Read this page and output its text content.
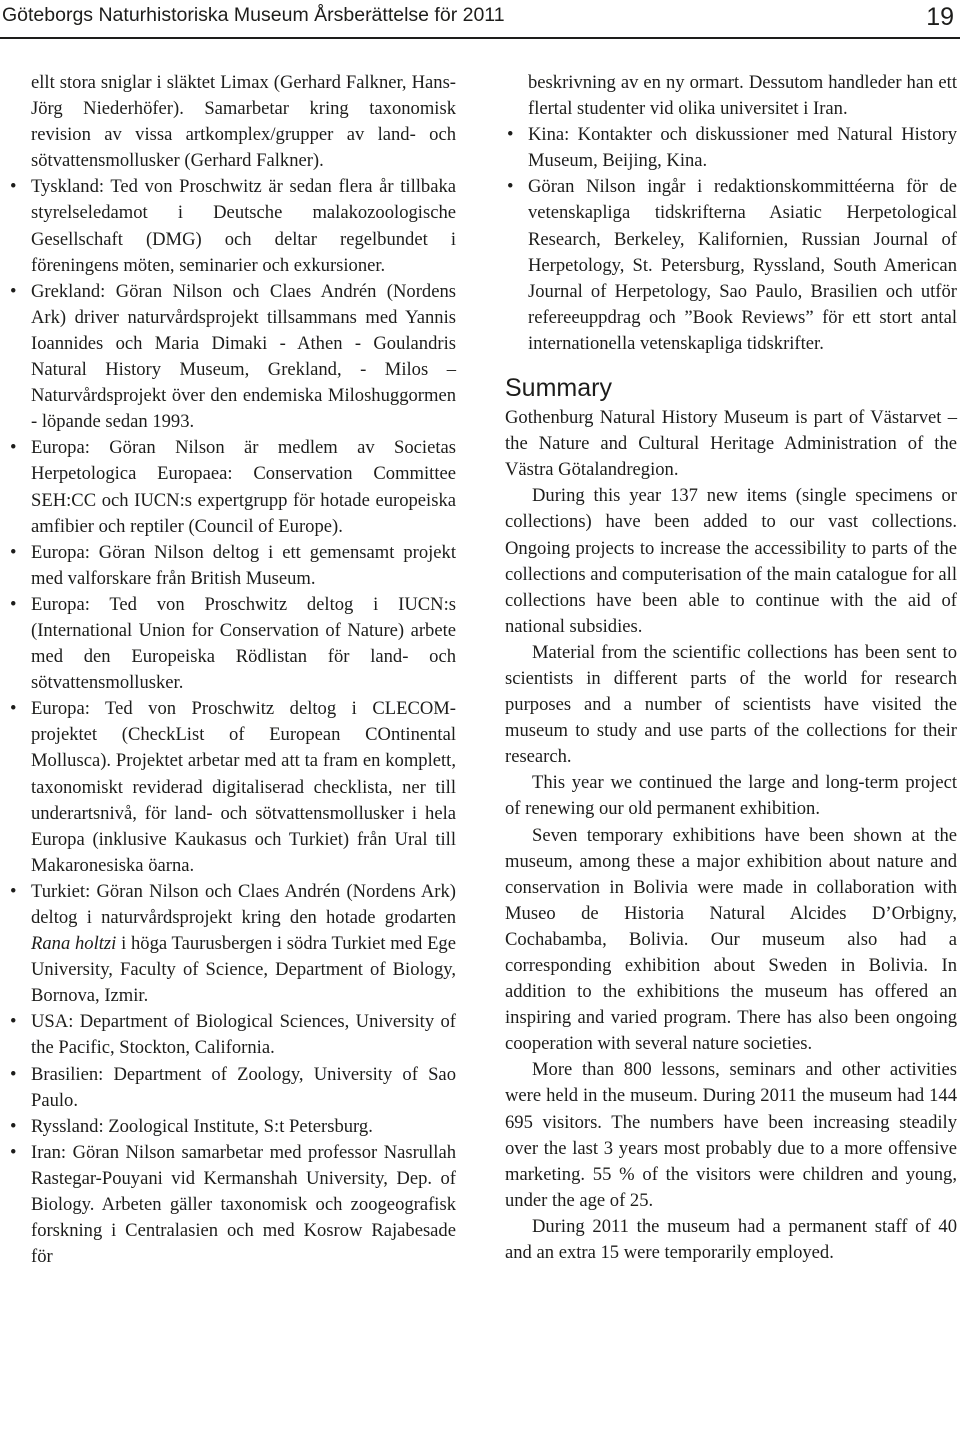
Göteborgs Naturhistoriska Museum Årsberättelse för 2011	19

ellt stora sniglar i släktet Limax (Gerhard Falkner, Hans-Jörg Niederhöfer). Samarbetar kring taxonomisk revision av vissa artkomplex/grupper av land- och sötvattensmollusker (Gerhard Falkner).

• Tyskland: Ted von Proschwitz är sedan flera år tillbaka styrelseledamot i Deutsche malakozoologische Gesellschaft (DMG) och deltar regelbundet i föreningens möten, seminarier och exkursioner.
• Grekland: Göran Nilson och Claes Andrén (Nordens Ark) driver naturvårdsprojekt tillsammans med Yannis Ioannides och Maria Dimaki - Athen - Goulandris Natural History Museum, Grekland, - Milos – Naturvårdsprojekt över den endemiska Miloshuggormen - löpande sedan 1993.
• Europa: Göran Nilson är medlem av Societas Herpetologica Europaea: Conservation Committee SEH:CC och IUCN:s expertgrupp för hotade europeiska amfibier och reptiler (Council of Europe).
• Europa: Göran Nilson deltog i ett gemensamt projekt med valforskare från British Museum.
• Europa: Ted von Proschwitz deltog i IUCN:s (International Union for Conservation of Nature) arbete med den Europeiska Rödlistan för land- och sötvattensmollusker.
• Europa: Ted von Proschwitz deltog i CLECOM-projektet (CheckList of European COntinental Mollusca). Projektet arbetar med att ta fram en komplett, taxonomiskt reviderad digitaliserad checklista, ner till underartsnivå, för land- och sötvattensmollusker i hela Europa (inklusive Kaukasus och Turkiet) från Ural till Makaronesiska öarna.
• Turkiet: Göran Nilson och Claes Andrén (Nordens Ark) deltog i naturvårdsprojekt kring den hotade grodarten Rana holtzi i höga Taurusbergen i södra Turkiet med Ege University, Faculty of Science, Department of Biology, Bornova, Izmir.
• USA: Department of Biological Sciences, University of the Pacific, Stockton, California.
• Brasilien: Department of Zoology, University of Sao Paulo.
• Ryssland: Zoological Institute, S:t Petersburg.
• Iran: Göran Nilson samarbetar med professor Nasrullah Rastegar-Pouyani vid Kermanshah University, Dep. of Biology. Arbeten gäller taxonomisk och zoogeografisk forskning i Centralasien och med Kosrow Rajabesade för

beskrivning av en ny ormart. Dessutom handleder han ett flertal studenter vid olika universitet i Iran.

• Kina: Kontakter och diskussioner med Natural History Museum, Beijing, Kina.
• Göran Nilson ingår i redaktionskommittéerna för de vetenskapliga tidskrifterna Asiatic Herpetological Research, Berkeley, Kalifornien, Russian Journal of Herpetology, St. Petersburg, Ryssland, South American Journal of Herpetology, Sao Paulo, Brasilien och utför refereeuppdrag och ”Book Reviews” för ett stort antal internationella vetenskapliga tidskrifter.
Summary

Gothenburg Natural History Museum is part of Västarvet – the Nature and Cultural Heritage Administration of the Västra Götalandregion.

During this year 137 new items (single specimens or collections) have been added to our vast collections. Ongoing projects to increase the accessibility to parts of the collections and computerisation of the main catalogue for all collections have been able to continue with the aid of national subsidies.

Material from the scientific collections has been sent to scientists in different parts of the world for research purposes and a number of scientists have visited the museum to study and use parts of the collections for their research.

This year we continued the large and long-term project of renewing our old permanent exhibition.

Seven temporary exhibitions have been shown at the museum, among these a major exhibition about nature and conservation in Bolivia were made in collaboration with Museo de Historia Natural Alcides D’Orbigny, Cochabamba, Bolivia. Our museum also had a corresponding exhibition about Sweden in Bolivia. In addition to the exhibitions the museum has offered an inspiring and varied program. There has also been ongoing cooperation with several nature societies.

More than 800 lessons, seminars and other activities were held in the museum. During 2011 the museum had 144 695 visitors. The numbers have been increasing steadily over the last 3 years most probably due to a more offensive marketing. 55 % of the visitors were children and young, under the age of 25.

During 2011 the museum had a permanent staff of 40 and an extra 15 were temporarily employed.
